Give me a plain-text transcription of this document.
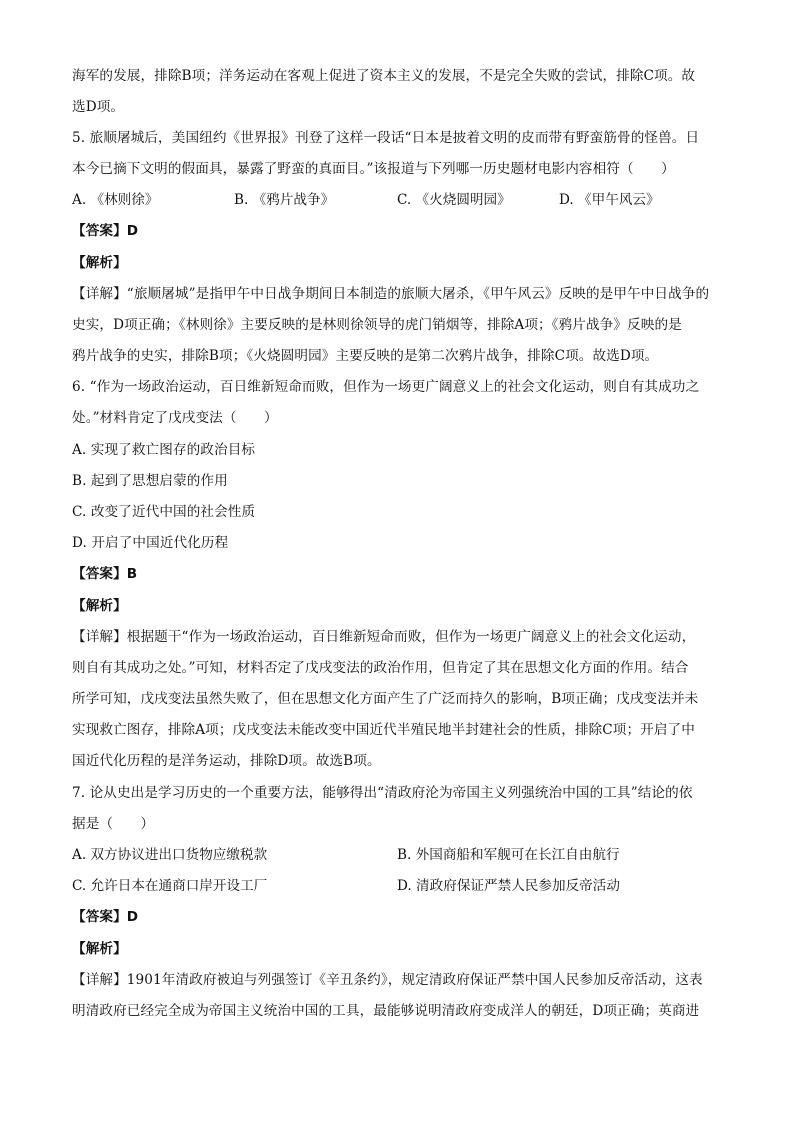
海军的发展，排除B项；洋务运动在客观上促进了资本主义的发展，不是完全失败的尝试，排除C项。故
选D项。
5. 旅顺屠城后，美国纽约《世界报》刊登了这样一段话“日本是披着文明的皮而带有野蛮筋骨的怪兽。日
本今已摘下文明的假面具，暴露了野蛮的真面目。”该报道与下列哪一历史题材电影内容相符（　　）
A. 《林则徐》	B. 《鸦片战争》	C. 《火烧圆明园》	D. 《甲午风云》
【答案】D
【解析】
【详解】“旅顺屠城”是指甲午中日战争期间日本制造的旅顺大屠杀，《甲午风云》反映的是甲午中日战争的
史实，D项正确；《林则徐》主要反映的是林则徐领导的虎门销烟等，排除A项；《鸦片战争》反映的是
鸦片战争的史实，排除B项；《火烧圆明园》主要反映的是第二次鸦片战争，排除C项。故选D项。
6. “作为一场政治运动，百日维新短命而败，但作为一场更广阔意义上的社会文化运动，则自有其成功之
处。”材料肯定了戊戌变法（　　）
A. 实现了救亡图存的政治目标
B. 起到了思想启蒙的作用
C. 改变了近代中国的社会性质
D. 开启了中国近代化历程
【答案】B
【解析】
【详解】根据题干“作为一场政治运动，百日维新短命而败，但作为一场更广阔意义上的社会文化运动，
则自有其成功之处。”可知，材料否定了戊戌变法的政治作用，但肯定了其在思想文化方面的作用。结合
所学可知，戊戌变法虽然失败了，但在思想文化方面产生了广泛而持久的影响，B项正确；戊戌变法并未
实现救亡图存，排除A项；戊戌变法未能改变中国近代半殖民地半封建社会的性质，排除C项；开启了中
国近代化历程的是洋务运动，排除D项。故选B项。
7. 论从史出是学习历史的一个重要方法，能够得出“清政府沦为帝国主义列强统治中国的工具”结论的依
据是（　　）
A. 双方协议进出口货物应缴税款	B. 外国商船和军舰可在长江自由航行
C. 允许日本在通商口岸开设工厂	D. 清政府保证严禁人民参加反帝活动
【答案】D
【解析】
【详解】1901年清政府被迫与列强签订《辛丑条约》，规定清政府保证严禁中国人民参加反帝活动，这表
明清政府已经完全成为帝国主义统治中国的工具，最能够说明清政府变成洋人的朝廷，D项正确；英商进
